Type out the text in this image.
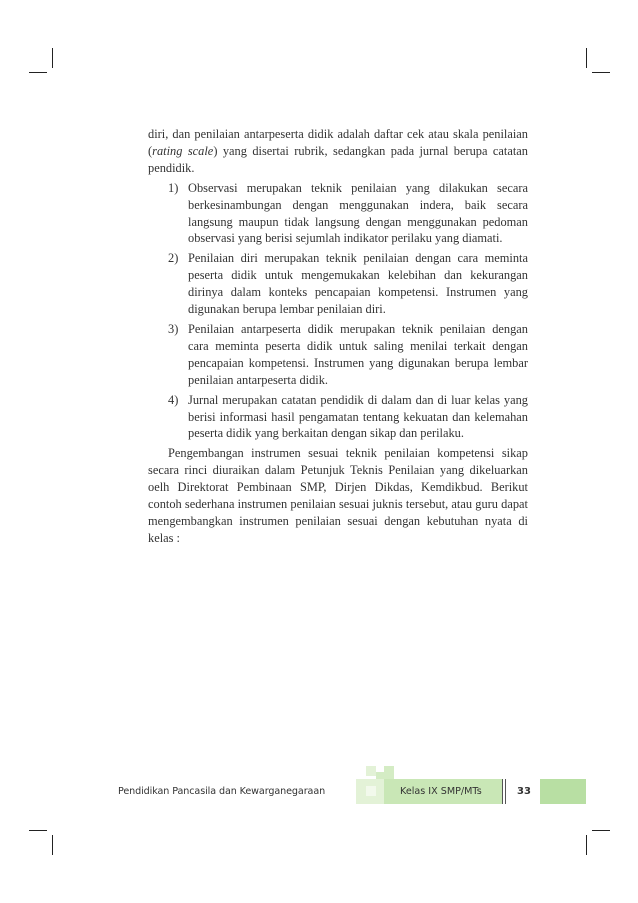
diri, dan penilaian antarpeserta didik adalah daftar cek atau skala penilaian (rating scale) yang disertai rubrik, sedangkan pada jurnal berupa catatan pendidik.

1) Observasi merupakan teknik penilaian yang dilakukan secara berkesinambungan dengan menggunakan indera, baik secara langsung maupun tidak langsung dengan menggunakan pedoman observasi yang berisi sejumlah indikator perilaku yang diamati.
2) Penilaian diri merupakan teknik penilaian dengan cara meminta peserta didik untuk mengemukakan kelebihan dan kekurangan dirinya dalam konteks pencapaian kompetensi. Instrumen yang digunakan berupa lembar penilaian diri.
3) Penilaian antarpeserta didik merupakan teknik penilaian dengan cara meminta peserta didik untuk saling menilai terkait dengan pencapaian kompetensi. Instrumen yang digunakan berupa lembar penilaian antarpeserta didik.
4) Jurnal merupakan catatan pendidik di dalam dan di luar kelas yang berisi informasi hasil pengamatan tentang kekuatan dan kelemahan peserta didik yang berkaitan dengan sikap dan perilaku.

Pengembangan instrumen sesuai teknik penilaian kompetensi sikap secara rinci diuraikan dalam Petunjuk Teknis Penilaian yang dikeluarkan oelh Direktorat Pembinaan SMP, Dirjen Dikdas, Kemdikbud. Berikut contoh sederhana instrumen penilaian sesuai juknis tersebut, atau guru dapat mengembangkan instrumen penilaian sesuai dengan kebutuhan nyata di kelas :

Pendidikan Pancasila dan Kewarganegaraan	Kelas IX SMP/MTs	33
